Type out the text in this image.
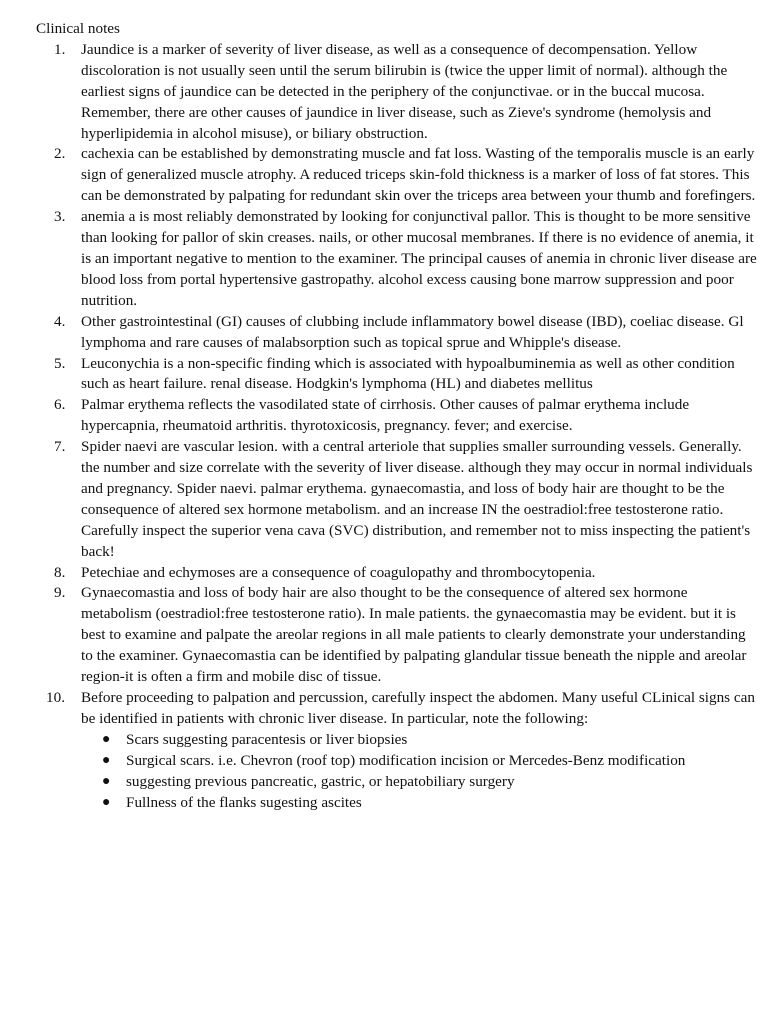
Clinical notes
1. Jaundice is a marker of severity of liver disease, as well as a consequence of decompensation. Yellow discoloration is not usually seen until the serum bilirubin is (twice the upper limit of normal). although the earliest signs of jaundice can be detected in the periphery of the conjunctivae. or in the buccal mucosa. Remember, there are other causes of jaundice in liver disease, such as Zieve's syndrome (hemolysis and hyperlipidemia in alcohol misuse), or biliary obstruction.
2. cachexia can be established by demonstrating muscle and fat loss. Wasting of the temporalis muscle is an early sign of generalized muscle atrophy. A reduced triceps skin-fold thickness is a marker of loss of fat stores. This can be demonstrated by palpating for redundant skin over the triceps area between your thumb and forefingers.
3. anemia a is most reliably demonstrated by looking for conjunctival pallor. This is thought to be more sensitive than looking for pallor of skin creases. nails, or other mucosal membranes. If there is no evidence of anemia, it is an important negative to mention to the examiner. The principal causes of anemia in chronic liver disease are blood loss from portal hypertensive gastropathy. alcohol excess causing bone marrow suppression and poor nutrition.
4. Other gastrointestinal (GI) causes of clubbing include inflammatory bowel disease (IBD), coeliac disease. Gl lymphoma and rare causes of malabsorption such as topical sprue and Whipple's disease.
5. Leuconychia is a non-specific finding which is associated with hypoalbuminemia as well as other condition such as heart failure. renal disease. Hodgkin's lymphoma (HL) and diabetes mellitus
6. Palmar erythema reflects the vasodilated state of cirrhosis. Other causes of palmar erythema include hypercapnia, rheumatoid arthritis. thyrotoxicosis, pregnancy. fever; and exercise.
7. Spider naevi are vascular lesion. with a central arteriole that supplies smaller surrounding vessels. Generally. the number and size correlate with the severity of liver disease. although they may occur in normal individuals and pregnancy. Spider naevi. palmar erythema. gynaecomastia, and loss of body hair are thought to be the consequence of altered sex hormone metabolism. and an increase IN the oestradiol:free testosterone ratio. Carefully inspect the superior vena cava (SVC) distribution, and remember not to miss inspecting the patient's back!
8. Petechiae and echymoses are a consequence of coagulopathy and thrombocytopenia.
9. Gynaecomastia and loss of body hair are also thought to be the consequence of altered sex hormone metabolism (oestradiol:free testosterone ratio). In male patients. the gynaecomastia may be evident. but it is best to examine and palpate the areolar regions in all male patients to clearly demonstrate your understanding to the examiner. Gynaecomastia can be identified by palpating glandular tissue beneath the nipple and areolar region-it is often a firm and mobile disc of tissue.
10. Before proceeding to palpation and percussion, carefully inspect the abdomen. Many useful CLinical signs can be identified in patients with chronic liver disease. In particular, note the following:
● Scars suggesting paracentesis or liver biopsies
● Surgical scars. i.e. Chevron (roof top) modification incision or Mercedes-Benz modification
● suggesting previous pancreatic, gastric, or hepatobiliary surgery
● Fullness of the flanks sugesting ascites
